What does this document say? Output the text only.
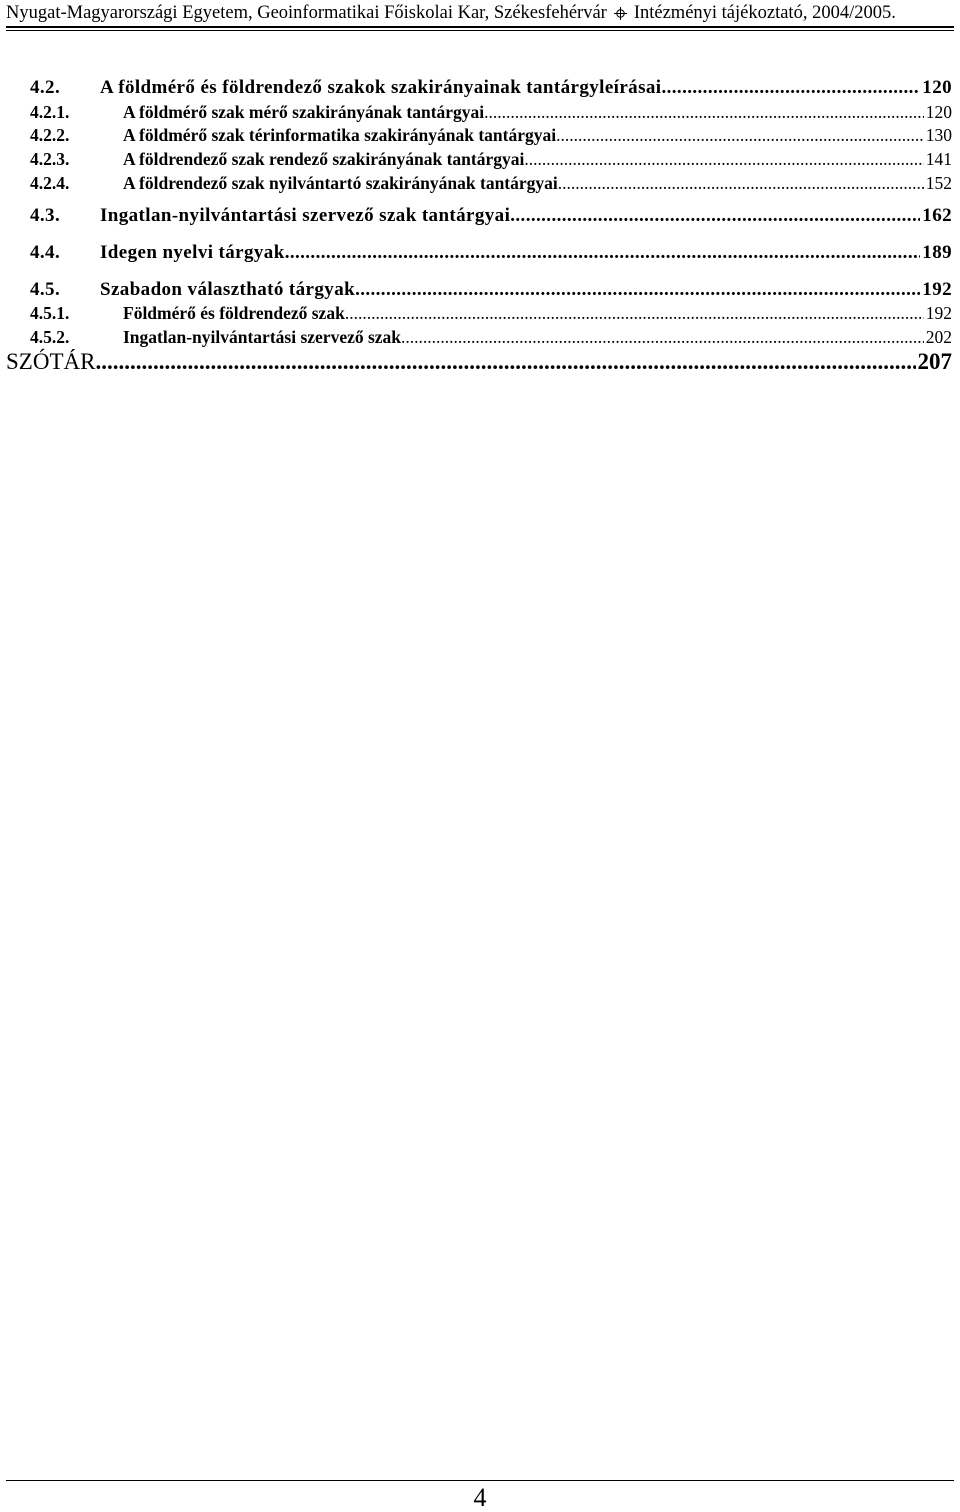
Nyugat-Magyarországi Egyetem, Geoinformatikai Főiskolai Kar, Székesfehérvár Intézményi tájékoztató, 2004/2005.
4.2. A földmérő és földrendező szakok szakirányainak tantárgyleírásai .....	120
4.2.1.	A földmérő szak mérő szakirányának tantárgyai .....	120
4.2.2.	A földmérő szak térinformatika szakirányának tantárgyai .....	130
4.2.3.	A földrendező szak rendező szakirányának tantárgyai .....	141
4.2.4.	A földrendező szak nyilvántartó szakirányának tantárgyai .....	152
4.3. Ingatlan-nyilvántartási szervező szak tantárgyai .....	162
4.4. Idegen nyelvi tárgyak .....	189
4.5. Szabadon választható tárgyak .....	192
4.5.1.	Földmérő és földrendező szak .....	192
4.5.2.	Ingatlan-nyilvántartási szervező szak .....	202
SZÓTÁR .....	207
4
